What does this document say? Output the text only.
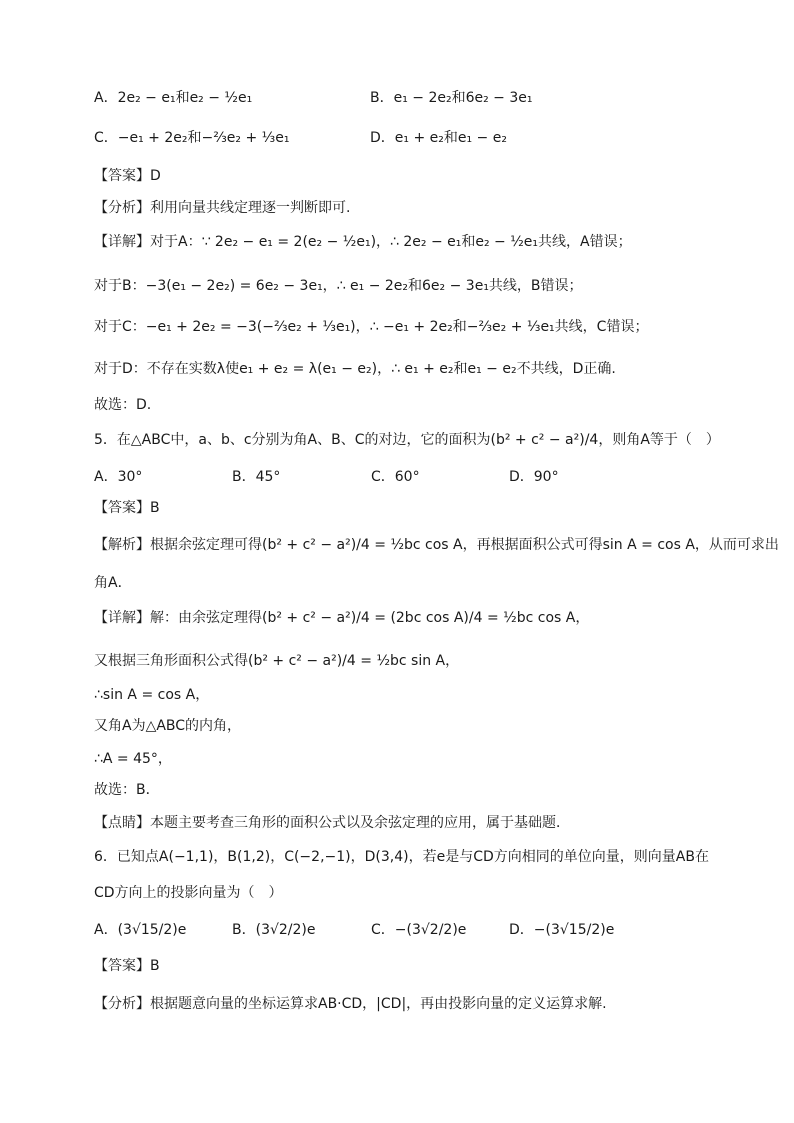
A．2e₂ − e₁和e₂ − ½e₁	B．e₁ − 2e₂和6e₂ − 3e₁
C．−e₁ + 2e₂和−⅔e₂ + ⅓e₁	D．e₁ + e₂和e₁ − e₂
【答案】D
【分析】利用向量共线定理逐一判断即可.
【详解】对于A：∵ 2e₂ − e₁ = 2(e₂ − ½e₁)，∴ 2e₂ − e₁和e₂ − ½e₁共线，A错误；
对于B：−3(e₁ − 2e₂) = 6e₂ − 3e₁，∴ e₁ − 2e₂和6e₂ − 3e₁共线，B错误；
对于C：−e₁ + 2e₂ = −3(−⅔e₂ + ⅓e₁)，∴ −e₁ + 2e₂和−⅔e₂ + ⅓e₁共线，C错误；
对于D：不存在实数λ使e₁ + e₂ = λ(e₁ − e₂)，∴ e₁ + e₂和e₁ − e₂不共线，D正确.
故选：D.
5．在△ABC中，a、b、c分别为角A、B、C的对边，它的面积为(b² + c² − a²)/4，则角A等于（　）
A．30°	B．45°	C．60°	D．90°
【答案】B
【解析】根据余弦定理可得(b² + c² − a²)/4 = ½bc cos A，再根据面积公式可得sin A = cos A，从而可求出
角A．
【详解】解：由余弦定理得(b² + c² − a²)/4 = (2bc cos A)/4 = ½bc cos A，
又根据三角形面积公式得(b² + c² − a²)/4 = ½bc sin A，
∴sin A = cos A，
又角A为△ABC的内角，
∴A = 45°，
故选：B．
【点睛】本题主要考查三角形的面积公式以及余弦定理的应用，属于基础题．
6．已知点A(−1,1)，B(1,2)，C(−2,−1)，D(3,4)，若e是与CD方向相同的单位向量，则向量AB在
CD方向上的投影向量为（　）
A．(3√15/2)e	B．(3√2/2)e	C．−(3√2/2)e	D．−(3√15/2)e
【答案】B
【分析】根据题意向量的坐标运算求AB·CD，|CD|，再由投影向量的定义运算求解.
